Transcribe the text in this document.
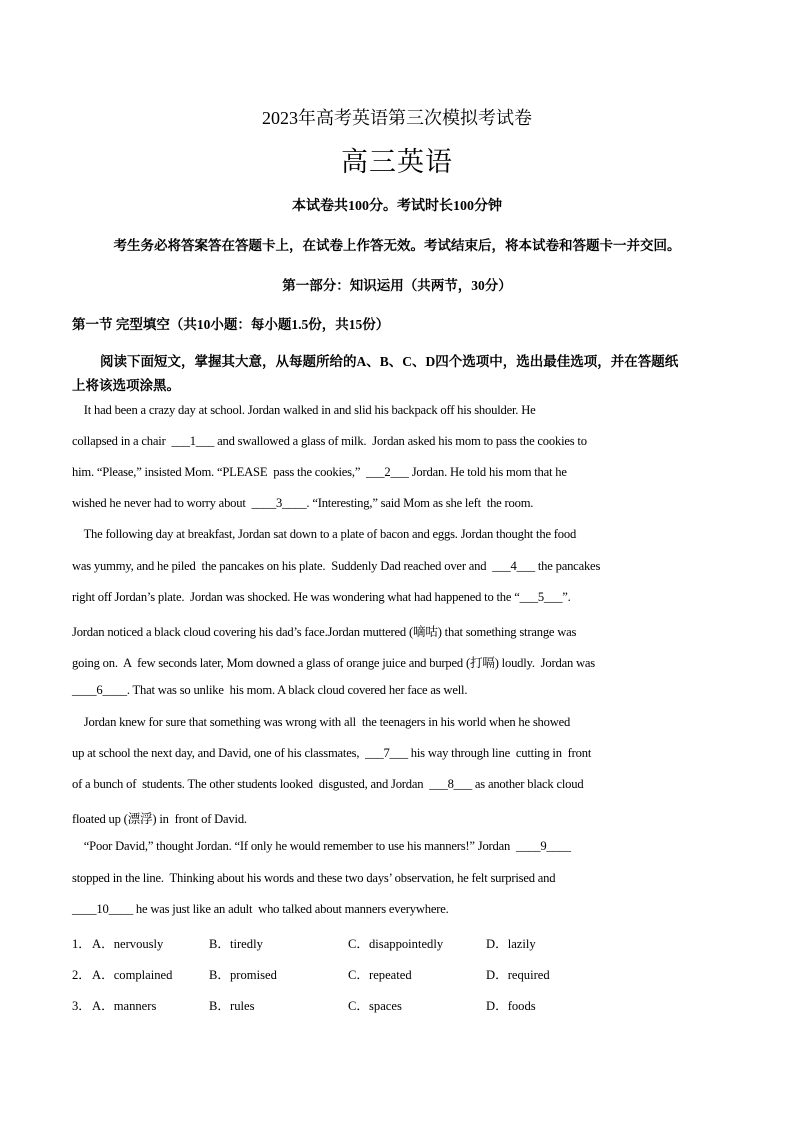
2023年高考英语第三次模拟考试卷
高三英语
本试卷共100分。考试时长100分钟
考生务必将答案答在答题卡上，在试卷上作答无效。考试结束后，将本试卷和答题卡一并交回。
第一部分：知识运用（共两节，30分）
第一节 完型填空（共10小题：每小题1.5份，共15份）
阅读下面短文，掌握其大意，从每题所给的A、B、C、D四个选项中，选出最佳选项，并在答题纸上将该选项涂黑。
It had been a crazy day at school. Jordan walked in and slid his backpack off his shoulder. He
collapsed in a chair  ___1___ and swallowed a glass of milk.  Jordan asked his mom to pass the cookies to
him. “Please,” insisted Mom. “PLEASE  pass the cookies,”  ___2___ Jordan. He told his mom that he
wished he never had to worry about  ____3____. “Interesting,” said Mom as she left  the room.
The following day at breakfast, Jordan sat down to a plate of bacon and eggs. Jordan thought the food
was yummy, and he piled  the pancakes on his plate.  Suddenly Dad reached over and  ___4___ the pancakes
right off Jordan’s plate.  Jordan was shocked. He was wondering what had happened to the “___5___”.
Jordan noticed a black cloud covering his dad’s face.Jordan muttered (嘀咕) that something strange was
going on.  A  few seconds later, Mom downed a glass of orange juice and burped (打嗝) loudly.  Jordan was
____6____. That was so unlike  his mom. A black cloud covered her face as well.
Jordan knew for sure that something was wrong with all  the teenagers in his world when he showed
up at school the next day, and David, one of his classmates,  ___7___ his way through line  cutting in  front
of a bunch of  students. The other students looked  disgusted, and Jordan  ___8___ as another black cloud
floated up (漂浮) in  front of David.
“Poor David,” thought Jordan. “If only he would remember to use his manners!” Jordan  ____9____
stopped in the line.  Thinking about his words and these two days’ observation, he felt surprised and
____10____ he was just like an adult  who talked about manners everywhere.
1． A．nervously	B．tiredly	C．disappointedly	D．lazily
2． A．complained	B．promised	C．repeated	D．required
3． A．manners	B．rules	C．spaces	D．foods
